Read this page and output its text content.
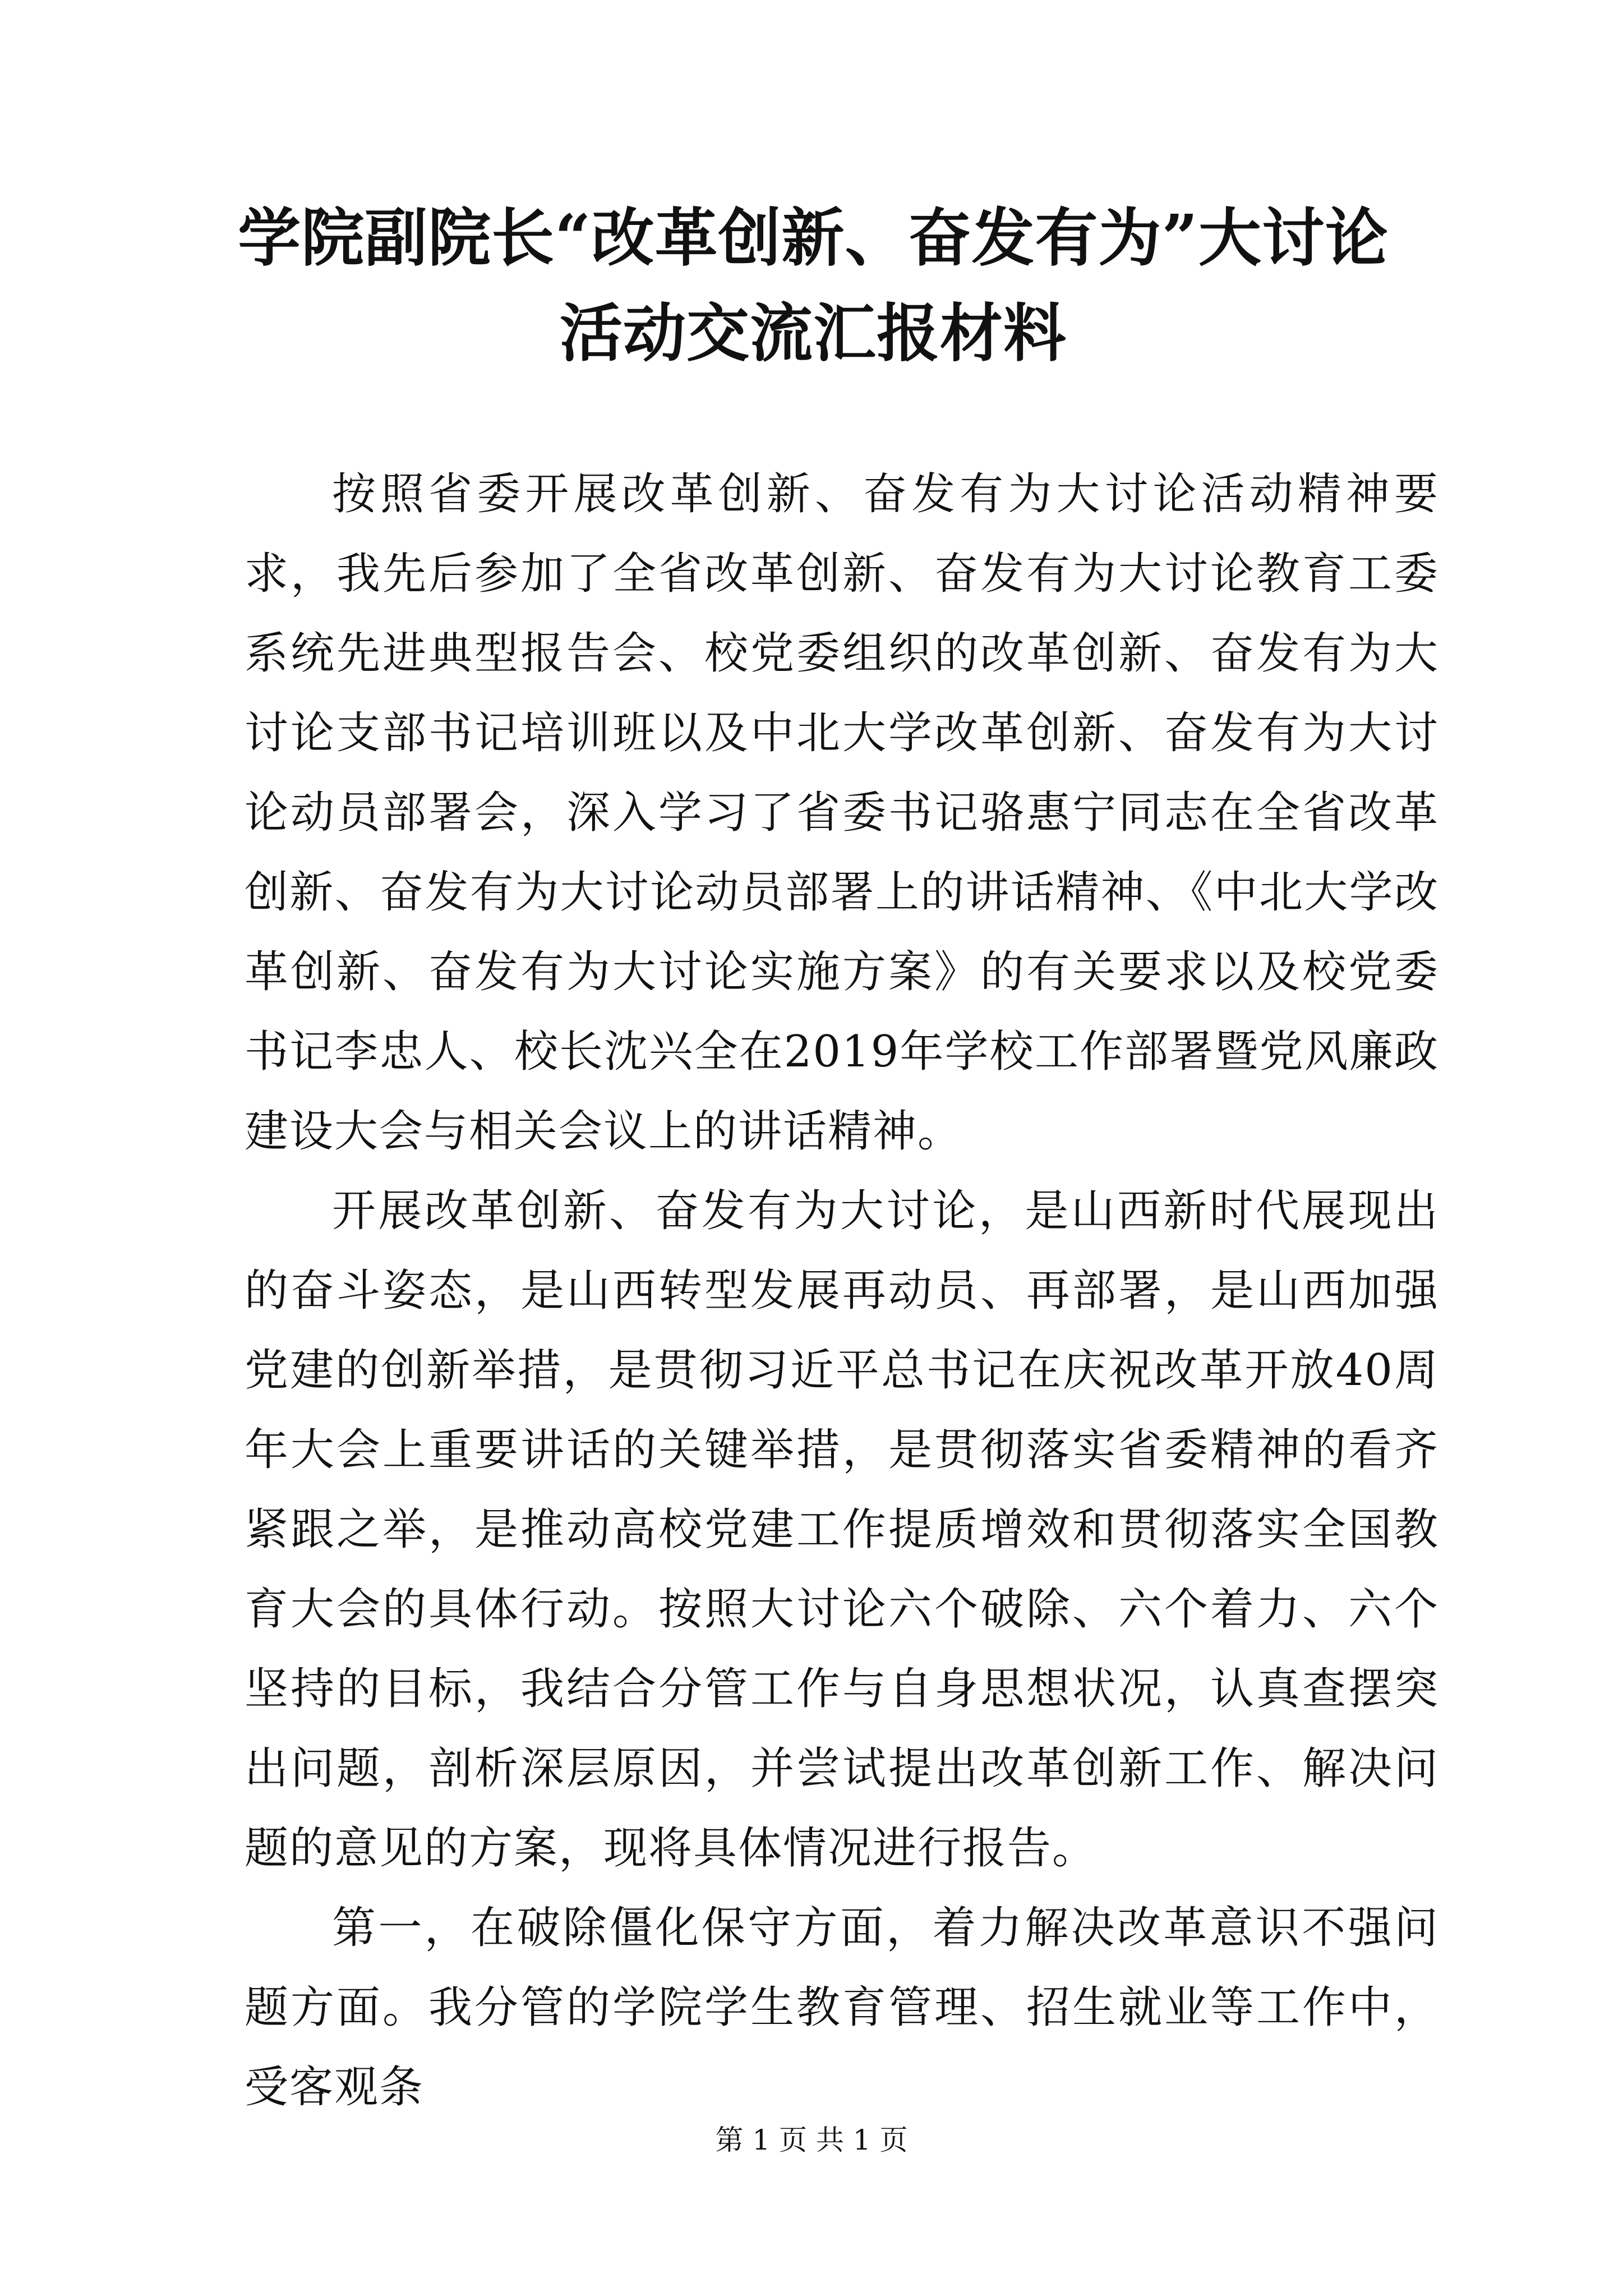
学院副院长“改革创新、奋发有为”大讨论活动交流汇报材料

按照省委开展改革创新、奋发有为大讨论活动精神要求，我先后参加了全省改革创新、奋发有为大讨论教育工委系统先进典型报告会、校党委组织的改革创新、奋发有为大讨论支部书记培训班以及中北大学改革创新、奋发有为大讨论动员部署会，深入学习了省委书记骆惠宁同志在全省改革创新、奋发有为大讨论动员部署上的讲话精神、《中北大学改革创新、奋发有为大讨论实施方案》的有关要求以及校党委书记李忠人、校长沈兴全在2019年学校工作部署暨党风廉政建设大会与相关会议上的讲话精神。

开展改革创新、奋发有为大讨论，是山西新时代展现出的奋斗姿态，是山西转型发展再动员、再部署，是山西加强党建的创新举措，是贯彻习近平总书记在庆祝改革开放40周年大会上重要讲话的关键举措，是贯彻落实省委精神的看齐紧跟之举，是推动高校党建工作提质增效和贯彻落实全国教育大会的具体行动。按照大讨论六个破除、六个着力、六个坚持的目标，我结合分管工作与自身思想状况，认真查摆突出问题，剖析深层原因，并尝试提出改革创新工作、解决问题的意见的方案，现将具体情况进行报告。

第一，在破除僵化保守方面，着力解决改革意识不强问题方面。我分管的学院学生教育管理、招生就业等工作中，受客观条

第 1 页 共 1 页
